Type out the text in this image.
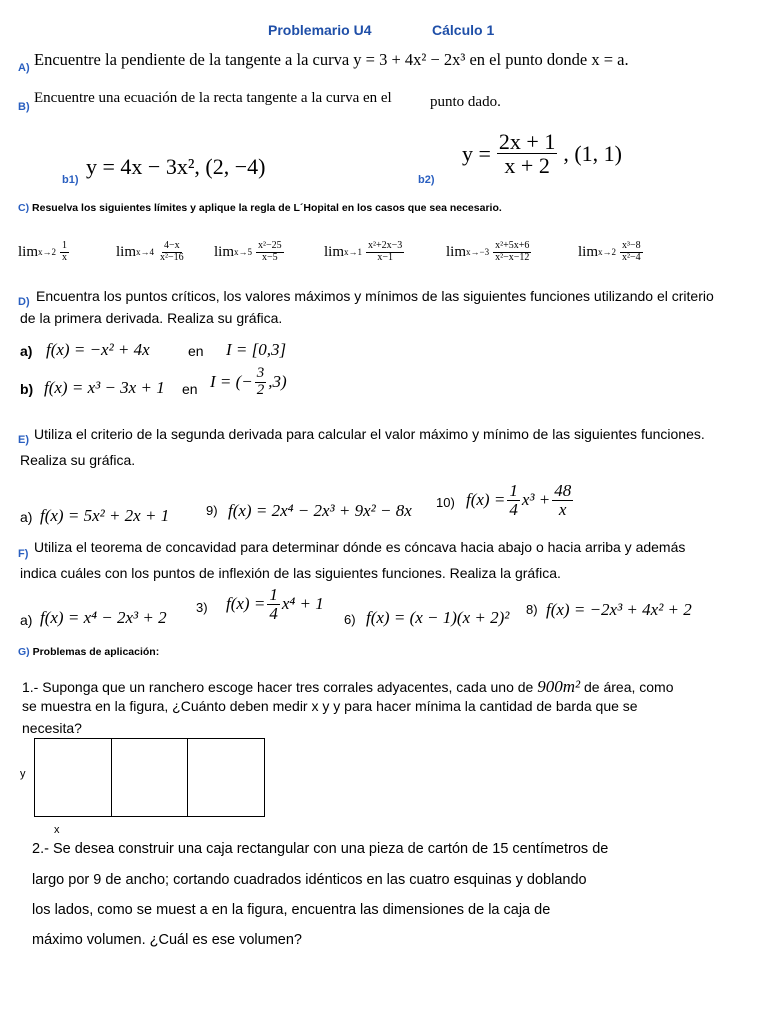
Problemario U4	Cálculo 1
A) Encuentre la pendiente de la tangente a la curva y = 3 + 4x² − 2x³ en el punto donde x = a.
B)
Encuentre una ecuación de la recta tangente a la curva en el	punto dado.
b1)
y = 4x − 3x², (2, −4)
b2)
$y = \frac{2x + 1}{x + 2}$ , (1, 1)
C) Resuelva los siguientes límites y aplique la regla de L´Hopital en los casos que sea necesario.
$\lim x\to 2 \frac{1}{x}$	$\lim x\to 4 \frac{4-x}{\text{x²−16}}$ $\lim x\to 5 \frac{\text{x²−25}}{x-5}$	$\lim x\to 1 \frac{\text{x²+2x−3}}{x-1}$	$\lim x\to-3 \frac{\text{x²+5x+6}}{\text{x²−x−12}}$	$\lim x\to 2 \frac{\text{x³−8}}{\text{x²−4}}$
D) Encuentra los puntos críticos, los valores máximos y mínimos de las siguientes funciones utilizando el criterio
de la primera derivada. Realiza su gráfica.
a) f(x) = −x² + 4x	en I = [0,3]
b) f(x) = x³ − 3x + 1 en I = (− $\frac{3}{2} ,3$)
E) Utiliza el criterio de la segunda derivada para calcular el valor máximo y mínimo de las siguientes funciones.
Realiza su gráfica.
a) f(x) = 5x² + 2x + 1	9) f(x) = 2x⁴ − 2x³ + 9x² − 8x 10) $f(x) = \frac{1}{4} x^3 + \frac{48}{x}$
F) Utiliza el teorema de concavidad para determinar dónde es cóncava hacia abajo o hacia arriba y además
indica cuáles con los puntos de inflexión de las siguientes funciones. Realiza la gráfica.
a) f(x) = x⁴ − 2x³ + 2
3) $f(x) = \frac{1}{4} x^4 + 1$
6) f(x) = (x − 1)(x + 2)² 8) f(x) = −2x³ + 4x² + 2
G) Problemas de aplicación:
1.- Suponga que un ranchero escoge hacer tres corrales adyacentes, cada uno de 900m² de área, como
se muestra en la figura, ¿Cuánto deben medir x y y para hacer mínima la cantidad de barda que se
necesita?
y
x
2.- Se desea construir una caja rectangular con una pieza de cartón de 15 centímetros de
largo por 9 de ancho; cortando cuadrados idénticos en las cuatro esquinas y doblando
los lados, como se muest a en la figura, encuentra las dimensiones de la caja de
máximo volumen. ¿Cuál es ese volumen?
